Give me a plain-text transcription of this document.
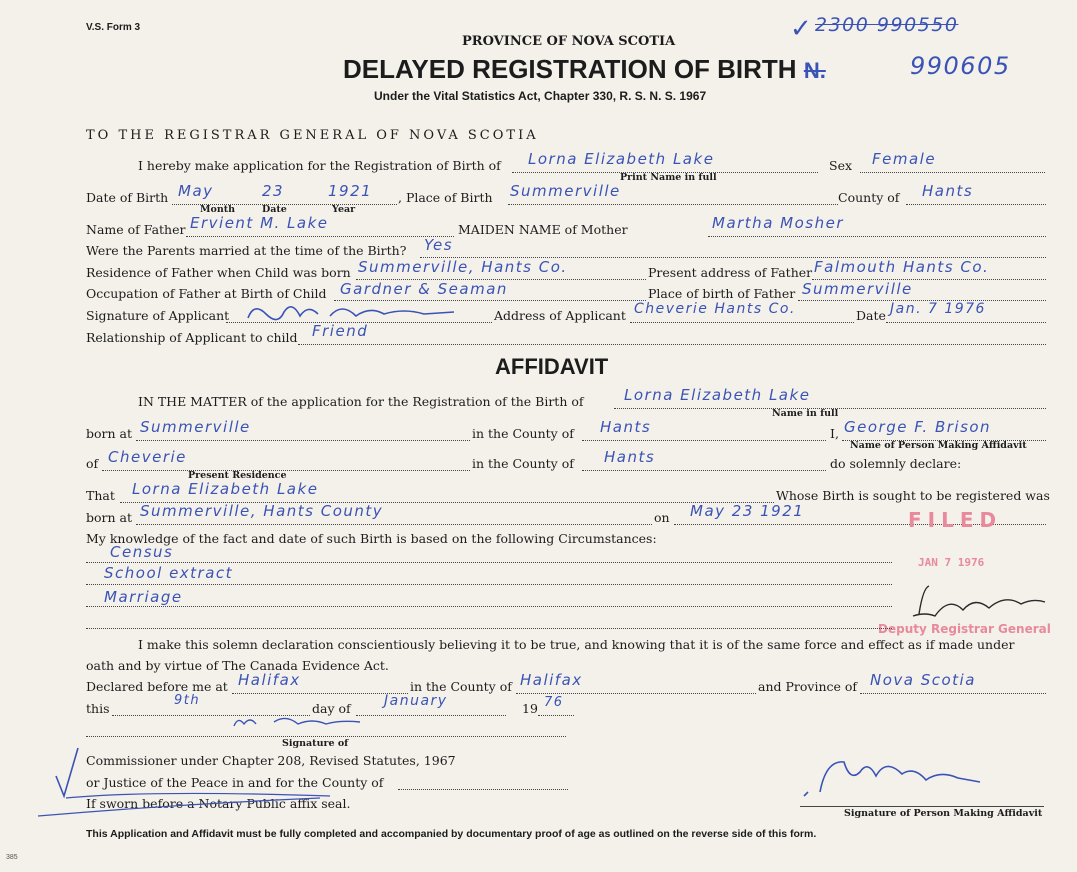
V.S. Form 3
PROVINCE OF NOVA SCOTIA
DELAYED REGISTRATION OF BIRTH N.
Under the Vital Statistics Act, Chapter 330, R. S. N. S. 1967
2300 990550
✓
990605
TO THE REGISTRAR GENERAL OF NOVA SCOTIA
I hereby make application for the Registration of Birth of Lorna Elizabeth Lake
Print Name in full
Sex Female
Date of Birth May	23	1921
Month	Date	Year
, Place of Birth Summerville	County of Hants
Name of Father Ervient M. Lake	MAIDEN NAME of Mother	Martha Mosher
Were the Parents married at the time of the Birth? Yes
Residence of Father when Child was born Summerville, Hants Co.	Present address of Father Falmouth Hants Co.
Occupation of Father at Birth of Child Gardner & Seaman	Place of birth of Father Summerville
Signature of Applicant	Address of Applicant Cheverie Hants Co.	Date Jan. 7 1976
Relationship of Applicant to child Friend
AFFIDAVIT
IN THE MATTER of the application for the Registration of the Birth of	Lorna Elizabeth Lake
Name in full
born at Summerville	in the County of Hants	I, George F. Brison
Name of Person Making Affidavit
of Cheverie
Present Residence
in the County of Hants	do solemnly declare:
That Lorna Elizabeth Lake	Whose Birth is sought to be registered was
born at Summerville, Hants County	on May 23 1921	FILED
JAN 7 1976
Deputy Registrar General
My knowledge of the fact and date of such Birth is based on the following Circumstances:
Census
School extract
Marriage
I make this solemn declaration conscientiously believing it to be true, and knowing that it is of the same force and effect as if made under
oath and by virtue of The Canada Evidence Act.
Declared before me at Halifax	in the County of Halifax	and Province of Nova Scotia
this
9th
day of January	19 76
Signature of
Commissioner under Chapter 208, Revised Statutes, 1967
or Justice of the Peace in and for the County of
If sworn before a Notary Public affix seal.
Signature of Person Making Affidavit
This Application and Affidavit must be fully completed and accompanied by documentary proof of age as outlined on the reverse side of this form.
385
